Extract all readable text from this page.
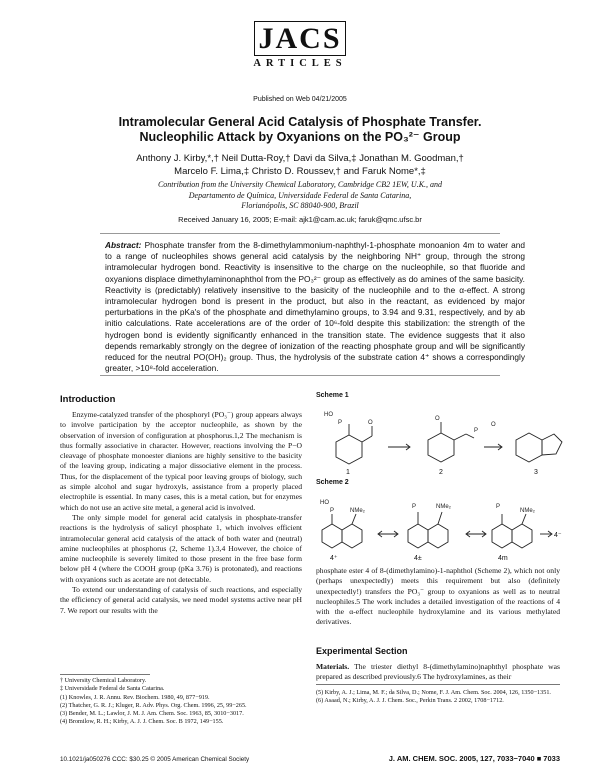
JACS
ARTICLES
Published on Web 04/21/2005
Intramolecular General Acid Catalysis of Phosphate Transfer.
Nucleophilic Attack by Oxyanions on the PO₃²⁻ Group
Anthony J. Kirby,*,† Neil Dutta-Roy,† Davi da Silva,‡ Jonathan M. Goodman,†
Marcelo F. Lima,‡ Christo D. Roussev,† and Faruk Nome*,‡
Contribution from the University Chemical Laboratory, Cambridge CB2 1EW, U.K., and
Departamento de Química, Universidade Federal de Santa Catarina,
Florianópolis, SC 88040-900, Brazil
Received January 16, 2005; E-mail: ajk1@cam.ac.uk; faruk@qmc.ufsc.br
Abstract: Phosphate transfer from the 8-dimethylammonium-naphthyl-1-phosphate monoanion 4m to water and to a range of nucleophiles shows general acid catalysis by the neighboring NH⁺ group, through the strong intramolecular hydrogen bond. Reactivity is insensitive to the charge on the nucleophile, so that fluoride and oxyanions displace dimethylaminonaphthol from the PO₃²⁻ group as effectively as do amines of the same basicity. Reactivity is (predictably) relatively insensitive to the basicity of the nucleophile and to the α-effect. A strong intramolecular hydrogen bond is present in the product, but also in the reactant, as evidenced by major perturbations in the pKa's of the phosphate and dimethylamino groups, to 3.94 and 9.31, respectively, and by ab initio calculations. Rate accelerations are of the order of 10⁶-fold despite this stabilization: the strength of the hydrogen bond is evidently significantly enhanced in the transition state. The evidence suggests that it also depends remarkably strongly on the degree of ionization of the reacting phosphate group and will be significantly reduced for the neutral PO(OH)₂ group. Thus, the hydrolysis of the substrate cation 4⁺ shows a correspondingly greater, >10⁸-fold acceleration.
Introduction

Enzyme-catalyzed transfer of the phosphoryl (PO₃⁻) group appears always to involve participation by the acceptor nucleophile, as shown by the observation of inversion of configuration at phosphorus.1,2 The mechanism is thus formally associative in character. However, reactions involving the P−O cleavage of phosphate monoester dianions are highly sensitive to the basicity of the leaving group, indicating a major dissociative element in the process. Thus, for the displacement of the typical poor leaving groups of biology, such as simple alcohol and sugar hydroxyls, assistance from a properly placed electrophile is essential. In many cases, this is a metal cation, but for enzymes which do not use an active site metal, a general acid is involved.

The only simple model for general acid catalysis in phosphate-transfer reactions is the hydrolysis of salicyl phosphate 1, which involves efficient intramolecular general acid catalysis of the attack of both water and (neutral) amine nucleophiles at phosphorus (2, Scheme 1).3,4 However, the choice of amine nucleophile is severely limited to those present in the free base form below pH 4 (where the COOH group (pKa 3.76) is protonated), and reactions with oxyanions such as acetate are not detectable.

To extend our understanding of catalysis of such reactions, and especially the efficiency of general acid catalysis, we need model systems active near pH 7. We report our results with the

† University Chemical Laboratory.
‡ Universidade Federal de Santa Catarina.
(1) Knowles, J. R. Annu. Rev. Biochem. 1980, 49, 877−919.
(2) Thatcher, G. R. J.; Kluger, R. Adv. Phys. Org. Chem. 1996, 25, 99−265.
(3) Bender, M. L.; Lawlor, J. M. J. Am. Chem. Soc. 1963, 85, 3010−3017.
(4) Bromilow, R. H.; Kirby, A. J. J. Chem. Soc. B 1972, 149−155.
Scheme 1
HO
P	O
O
P
O
1	2	3
Scheme 2
HO
P	NMe₂
P	NMe₂	P
NMe₂
4⁺	4±	4m
4⁻
phosphate ester 4 of 8-(dimethylamino)-1-naphthol (Scheme 2), which not only (perhaps unexpectedly) meets this requirement but also (definitely unexpectedly!) transfers the PO₃⁻ group to oxyanions as well as to neutral nucleophiles.5 The work includes a detailed investigation of the reactions of 4 with the α-effect nucleophile hydroxylamine and its various methylated derivatives.
Experimental Section
Materials. The triester diethyl 8-(dimethylamino)naphthyl phosphate was prepared as described previously.6 The hydroxylamines, as their
(5) Kirby, A. J.; Lima, M. F.; da Silva, D.; Nome, F. J. Am. Chem. Soc. 2004, 126, 1350−1351.
(6) Asaad, N.; Kirby, A. J. J. Chem. Soc., Perkin Trans. 2 2002, 1708−1712.
10.1021/ja050276 CCC: $30.25 © 2005 American Chemical Society	J. AM. CHEM. SOC. 2005, 127, 7033−7040 ■ 7033
